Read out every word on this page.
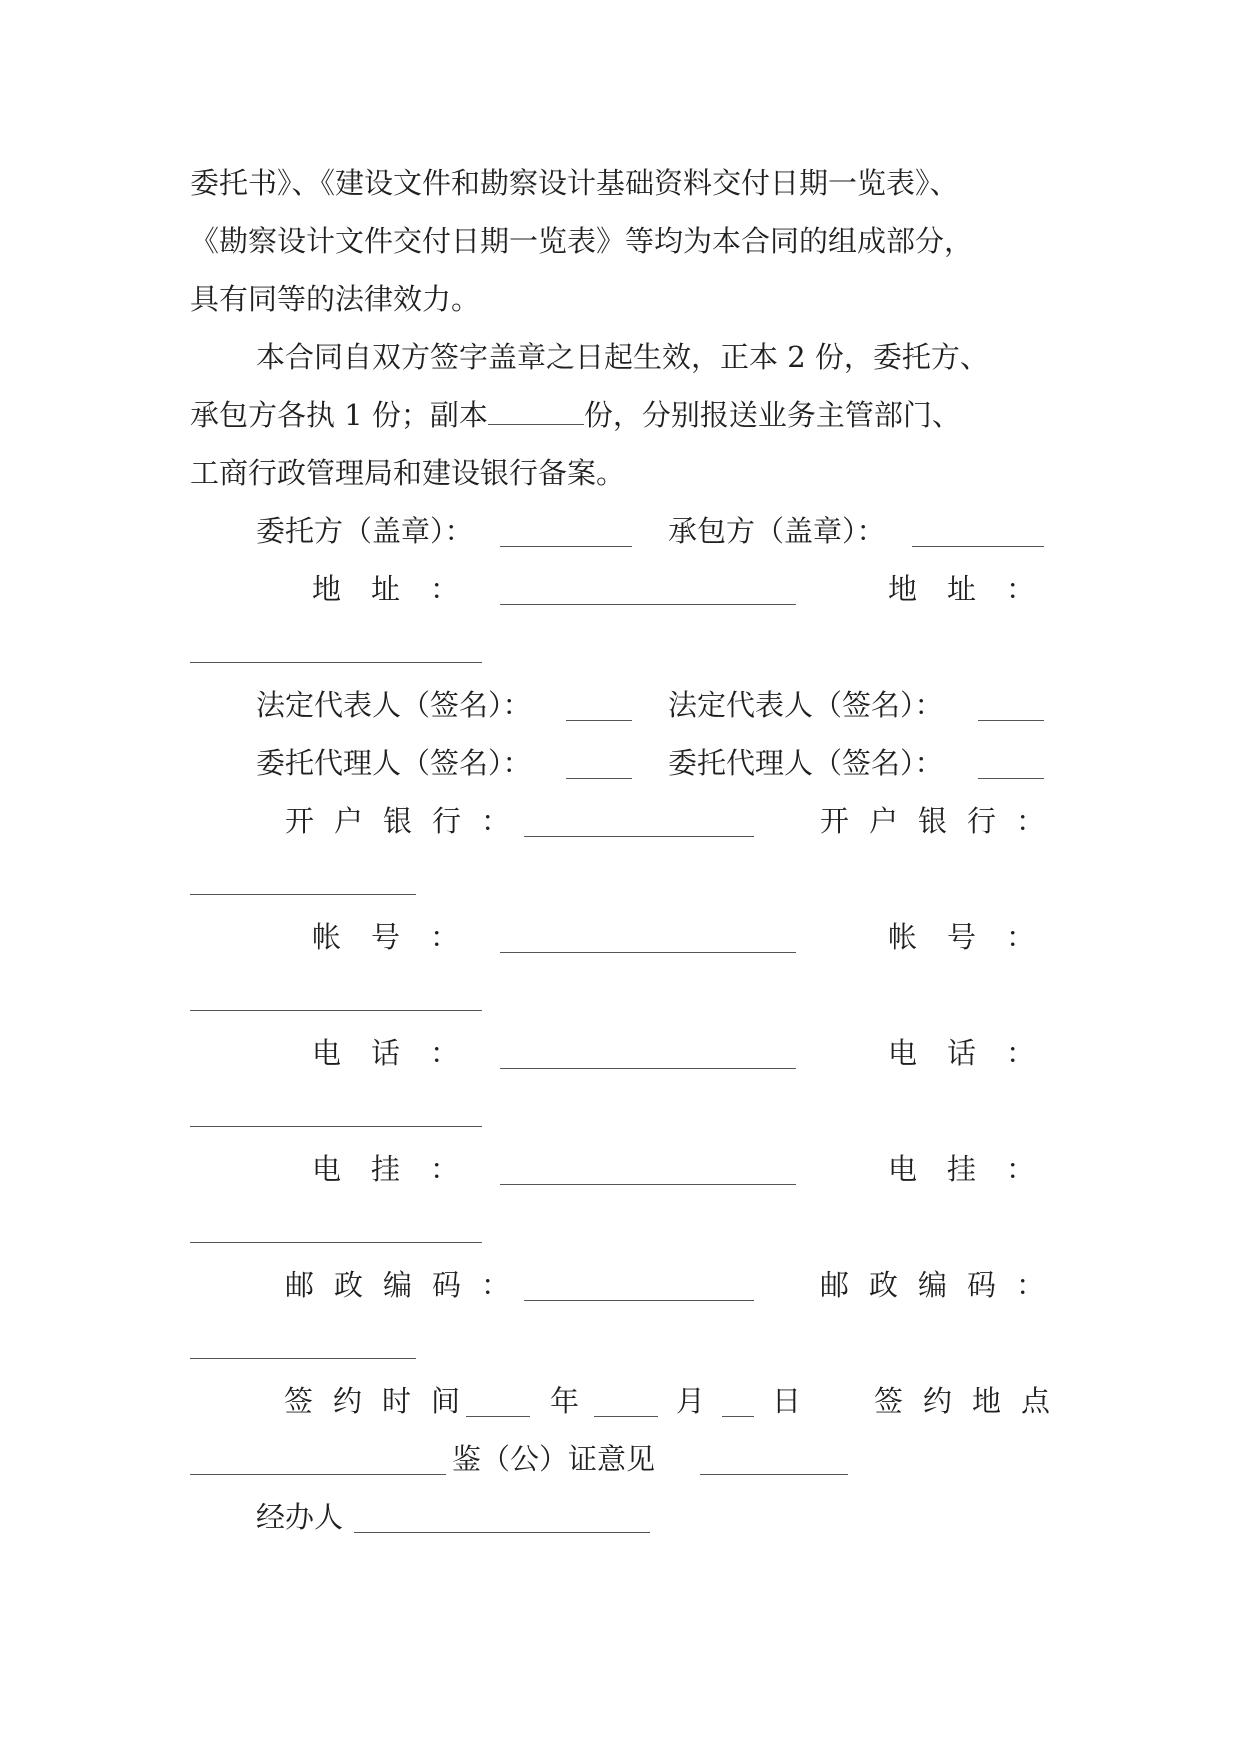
委托书》、《建设文件和勘察设计基础资料交付日期一览表》、
《勘察设计文件交付日期一览表》等均为本合同的组成部分，
具有同等的法律效力。
本合同自双方签字盖章之日起生效，正本 2 份，委托方、
承包方各执 1 份；副本	份，分别报送业务主管部门、
工商行政管理局和建设银行备案。
委托方（盖章）：	承包方（盖章）：
地址：	地址：
法定代表人（签名）：	法定代表人（签名）：
委托代理人（签名）：	委托代理人（签名）：
开户银行：	开户银行：
帐号：	帐号：
电话：	电话：
电挂：	电挂：
邮政编码：	邮政编码：
签约时间 年	月 日	签约地点
鉴（公）证意见
经办人
